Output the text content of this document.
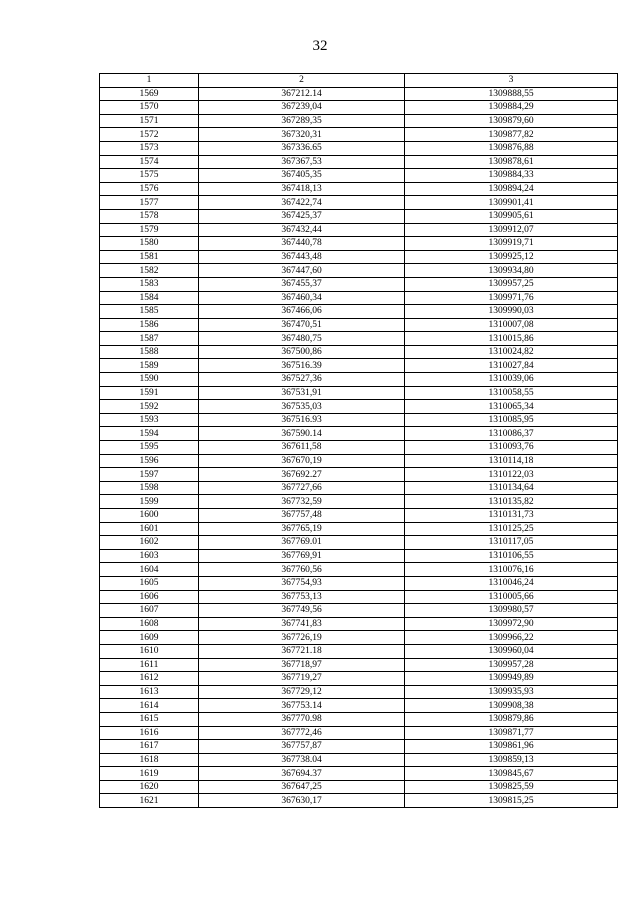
32
1	2	3
1569	367212.14	1309888,55
1570	367239,04	1309884,29
1571	367289,35	1309879,60
1572	367320,31	1309877,82
1573	367336.65	1309876,88
1574	367367,53	1309878,61
1575	367405,35	1309884,33
1576	367418,13	1309894,24
1577	367422,74	1309901,41
1578	367425,37	1309905,61
1579	367432,44	1309912,07
1580	367440,78	1309919,71
1581	367443,48	1309925,12
1582	367447,60	1309934,80
1583	367455,37	1309957,25
1584	367460,34	1309971,76
1585	367466,06	1309990,03
1586	367470,51	1310007,08
1587	367480,75	1310015,86
1588	367500,86	1310024,82
1589	367516.39	1310027,84
1590	367527,36	1310039,06
1591	367531,91	1310058,55
1592	367535,03	1310065,34
1593	367516.93	1310085,95
1594	367590.14	1310086,37
1595	367611,58	1310093,76
1596	367670,19	1310114,18
1597	367692.27	1310122,03
1598	367727,66	1310134,64
1599	367732,59	1310135,82
1600	367757,48	1310131,73
1601	367765,19	1310125,25
1602	367769.01	1310117,05
1603	367769,91	1310106,55
1604	367760,56	1310076,16
1605	367754,93	1310046,24
1606	367753,13	1310005,66
1607	367749,56	1309980,57
1608	367741,83	1309972,90
1609	367726,19	1309966,22
1610	367721.18	1309960,04
1611	367718,97	1309957,28
1612	367719,27	1309949,89
1613	367729,12	1309935,93
1614	367753.14	1309908,38
1615	367770.98	1309879,86
1616	367772,46	1309871,77
1617	367757,87	1309861,96
1618	367738.04	1309859,13
1619	367694.37	1309845,67
1620	367647,25	1309825,59
1621	367630,17	1309815,25
